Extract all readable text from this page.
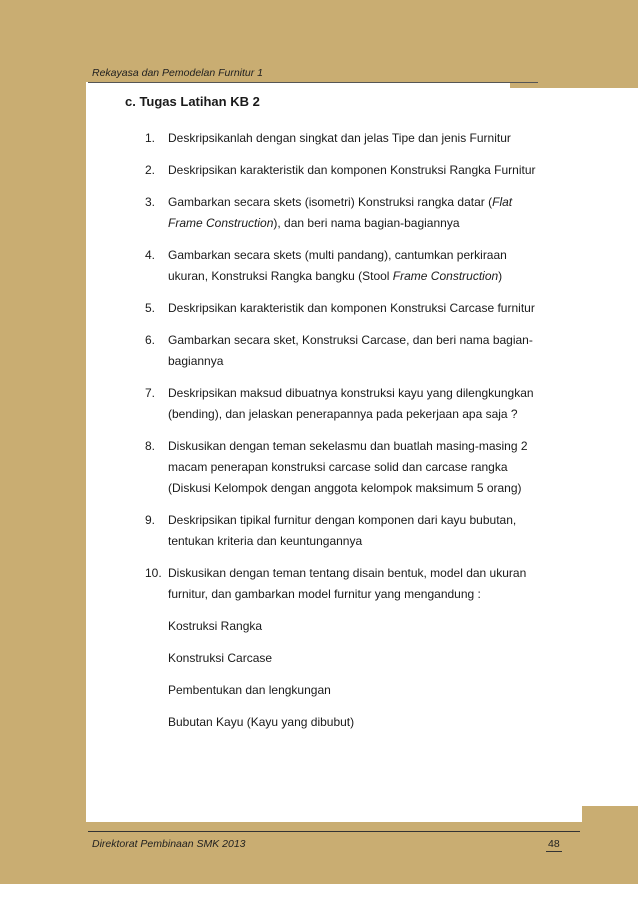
Rekayasa dan Pemodelan Furnitur 1
c. Tugas Latihan KB 2
1. Deskripsikanlah dengan singkat dan jelas Tipe dan jenis Furnitur
2. Deskripsikan karakteristik dan komponen Konstruksi Rangka Furnitur
3. Gambarkan secara skets (isometri) Konstruksi rangka datar (Flat
Frame Construction), dan beri nama bagian-bagiannya
4. Gambarkan secara skets (multi pandang), cantumkan perkiraan
ukuran, Konstruksi Rangka bangku (Stool Frame Construction)
5. Deskripsikan karakteristik dan komponen Konstruksi Carcase furnitur
6. Gambarkan secara sket, Konstruksi Carcase, dan beri nama bagian-
bagiannya
7. Deskripsikan maksud dibuatnya konstruksi kayu yang dilengkungkan
(bending), dan jelaskan penerapannya pada pekerjaan apa saja ?
8. Diskusikan dengan teman sekelasmu dan buatlah masing-masing 2
macam penerapan konstruksi carcase solid dan carcase rangka
(Diskusi Kelompok dengan anggota kelompok maksimum 5 orang)
9. Deskripsikan tipikal furnitur dengan komponen dari kayu bubutan,
tentukan kriteria dan keuntungannya
10. Diskusikan dengan teman tentang disain bentuk, model dan ukuran
furnitur, dan gambarkan model furnitur yang mengandung :
Kostruksi Rangka
Konstruksi Carcase
Pembentukan dan lengkungan
Bubutan Kayu (Kayu yang dibubut)
Direktorat Pembinaan SMK 2013	48
